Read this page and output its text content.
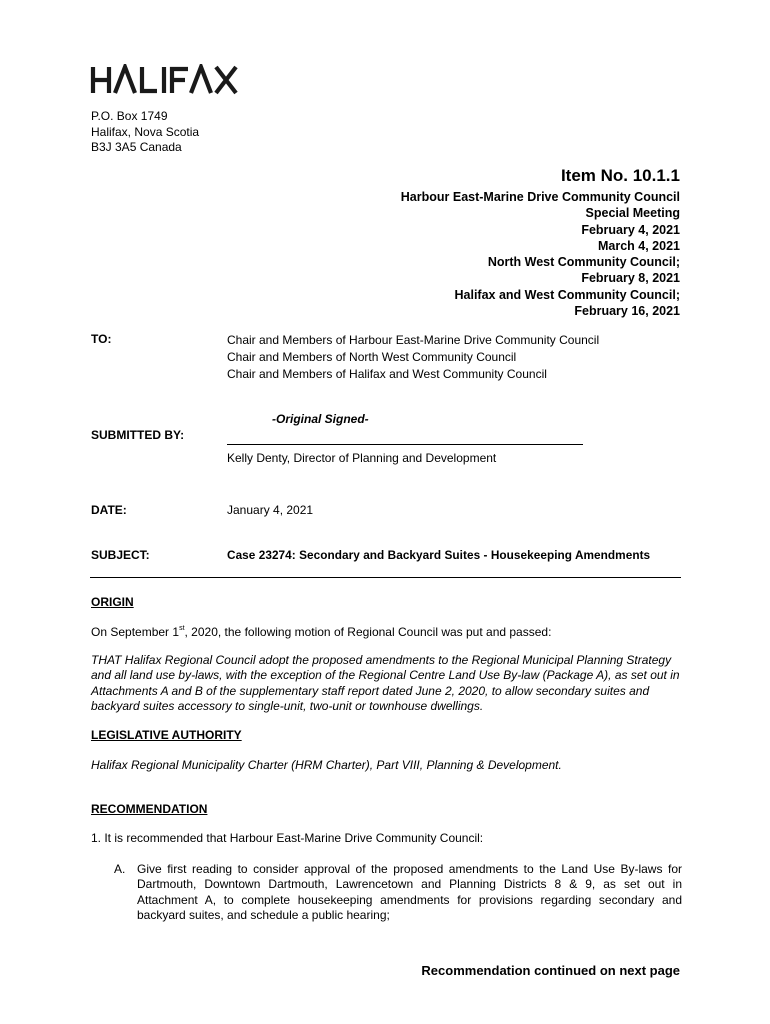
P.O. Box 1749
Halifax, Nova Scotia
B3J 3A5 Canada
Item No. 10.1.1
Harbour East-Marine Drive Community Council
Special Meeting
February 4, 2021
March 4, 2021
North West Community Council;
February 8, 2021
Halifax and West Community Council;
February 16, 2021
TO:	Chair and Members of Harbour East-Marine Drive Community Council
Chair and Members of North West Community Council
Chair and Members of Halifax and West Community Council
-Original Signed-
SUBMITTED BY:
Kelly Denty, Director of Planning and Development
DATE:	January 4, 2021
SUBJECT:	Case 23274: Secondary and Backyard Suites - Housekeeping Amendments
ORIGIN
On September 1st, 2020, the following motion of Regional Council was put and passed:
THAT Halifax Regional Council adopt the proposed amendments to the Regional Municipal Planning Strategy and all land use by-laws, with the exception of the Regional Centre Land Use By-law (Package A), as set out in Attachments A and B of the supplementary staff report dated June 2, 2020, to allow secondary suites and backyard suites accessory to single-unit, two-unit or townhouse dwellings.
LEGISLATIVE AUTHORITY
Halifax Regional Municipality Charter (HRM Charter), Part VIII, Planning & Development.
RECOMMENDATION
1. It is recommended that Harbour East-Marine Drive Community Council:
A. Give first reading to consider approval of the proposed amendments to the Land Use By-laws for Dartmouth, Downtown Dartmouth, Lawrencetown and Planning Districts 8 & 9, as set out in Attachment A, to complete housekeeping amendments for provisions regarding secondary and backyard suites, and schedule a public hearing;
Recommendation continued on next page
